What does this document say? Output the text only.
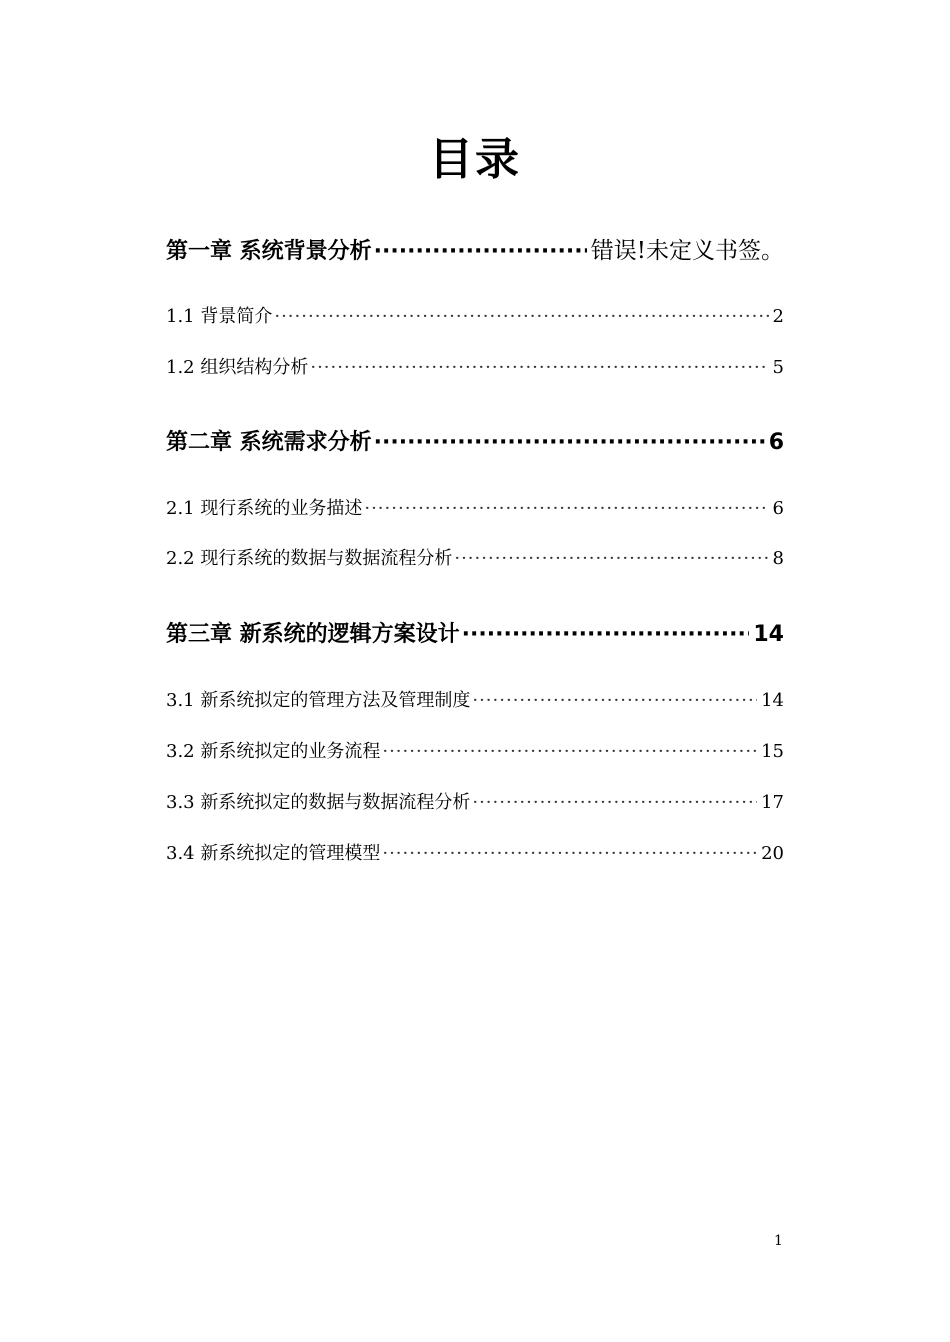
目录
第一章 系统背景分析 ·····	错误!未定义书签。
1.1 背景简介 ·····	2
1.2 组织结构分析 ·····	5
第二章 系统需求分析 ·····	6
2.1 现行系统的业务描述 ·····	6
2.2 现行系统的数据与数据流程分析 ·····	8
第三章 新系统的逻辑方案设计 ·····	14
3.1 新系统拟定的管理方法及管理制度 ·····	14
3.2 新系统拟定的业务流程 ·····	15
3.3 新系统拟定的数据与数据流程分析 ·····	17
3.4 新系统拟定的管理模型 ·····	20
1
